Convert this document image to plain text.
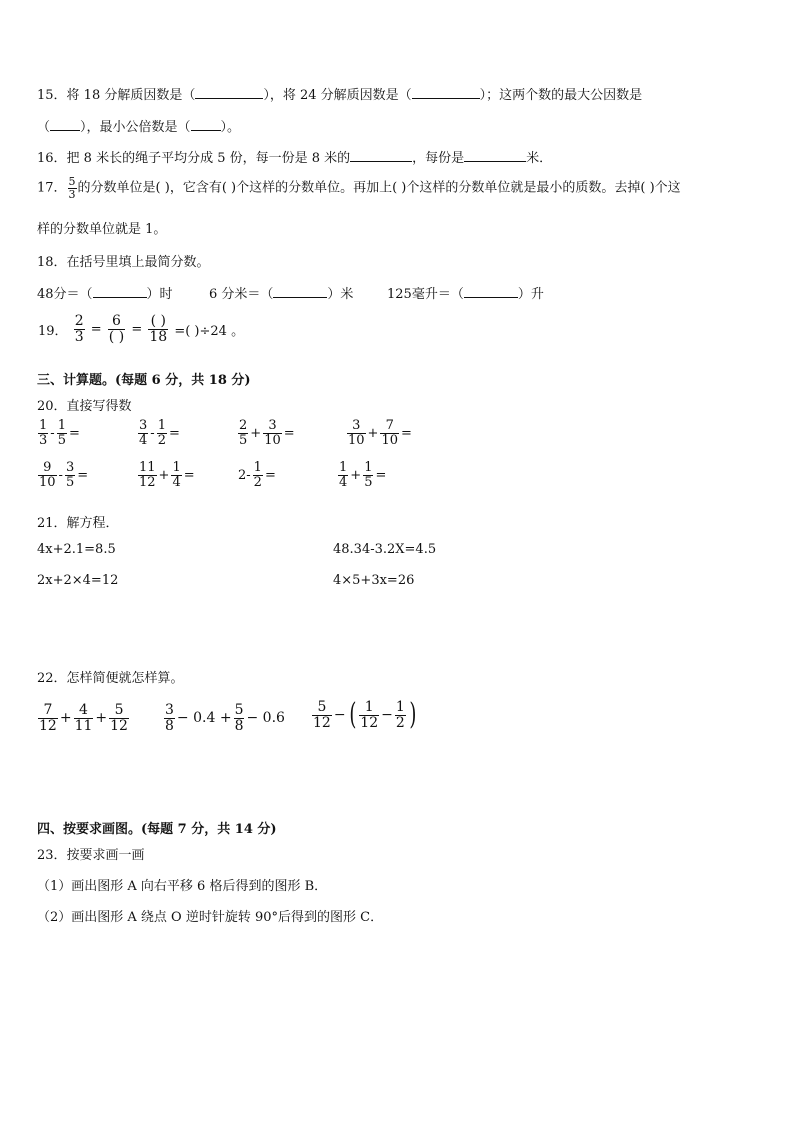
15．将 18 分解质因数是（	），将 24 分解质因数是（	）；这两个数的最大公因数是
（ ），最小公倍数是（ ）。
16．把 8 米长的绳子平均分成 5 份，每一份是 8 米的	，每份是	米．
17． $\frac{5}{3}$ 的分数单位是( )，它含有( )个这样的分数单位。再加上( )个这样的分数单位就是最小的质数。去掉( )个这
样的分数单位就是 1。
18．在括号里填上最简分数。
48分＝（	）时	6 分米＝（	）米	125毫升＝（	）升
19． $\frac{2}{3} = \frac{6}{( )} = \frac{( )}{18}$ =( )÷24 。
三、计算题。(每题 6 分，共 18 分)
20．直接写得数
$\frac{1}{3} - \frac{1}{5}$ =	$\frac{3}{4} - \frac{1}{2}$ =	$\frac{2}{5} + \frac{3}{10}$ =	$\frac{3}{10} + \frac{7}{10}$ =
$\frac{9}{10} - \frac{3}{5}$ =	$\frac{11}{12} + \frac{1}{4}$ =	$2- \frac{1}{2}$ =	$\frac{1}{4} + \frac{1}{5}$ =
21．解方程．
4x+2.1=8.5	48.34-3.2X=4.5
2x+2×4=12	4×5+3x=26
22．怎样简便就怎样算。
$\frac{7}{12} + \frac{4}{11} + \frac{5}{12}$	$\frac{3}{8} - 0.4 + \frac{5}{8} - 0.6 \frac{5}{12}$ − ( $\frac{1}{12} - \frac{1}{2}$ )
四、按要求画图。(每题 7 分，共 14 分)
23．按要求画一画
（1）画出图形 A 向右平移 6 格后得到的图形 B．
（2）画出图形 A 绕点 O 逆时针旋转 90°后得到的图形 C．
